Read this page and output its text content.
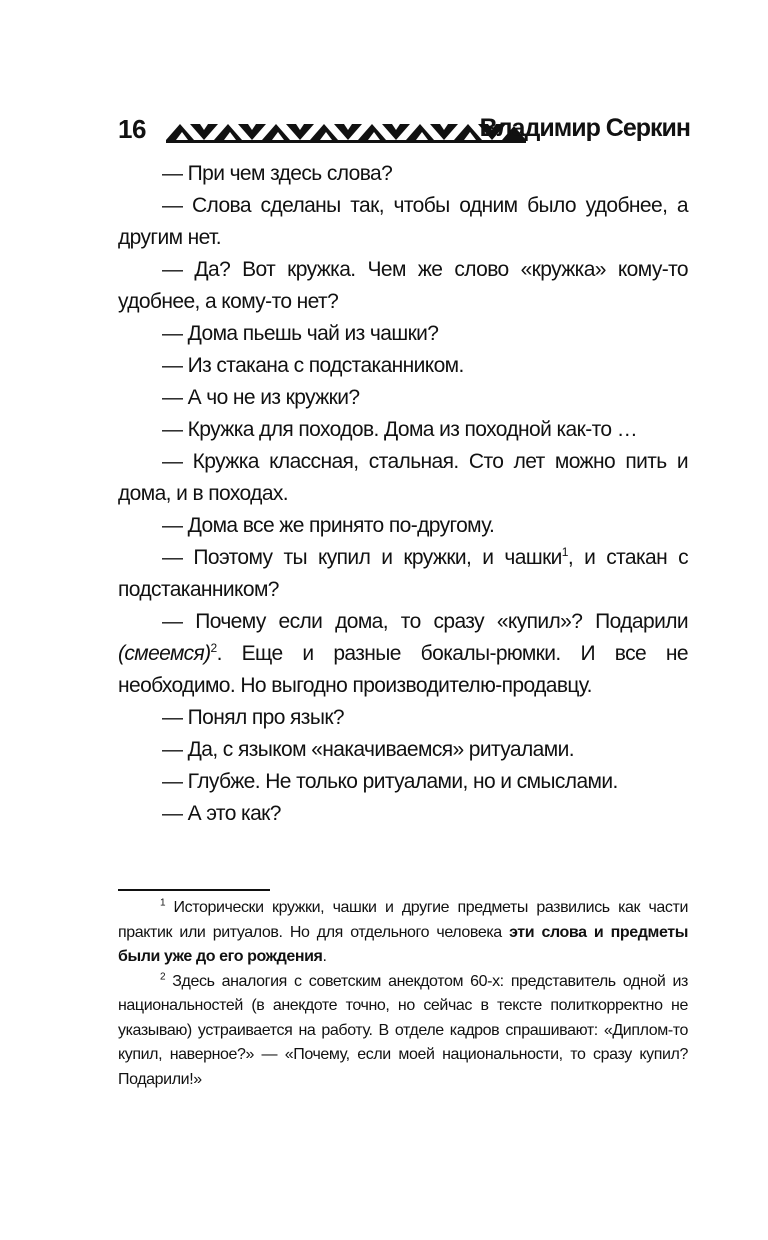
16	Владимир Серкин

— При чем здесь слова?

— Слова сделаны так, чтобы одним было удобнее, а другим нет.

— Да? Вот кружка. Чем же слово «кружка» кому-то удобнее, а кому-то нет?

— Дома пьешь чай из чашки?

— Из стакана с подстаканником.

— А чо не из кружки?

— Кружка для походов. Дома из походной как-то …

— Кружка классная, стальная. Сто лет можно пить и дома, и в походах.

— Дома все же принято по-другому.

— Поэтому ты купил и кружки, и чашки$^1$, и стакан с подстаканником?

— Почему если дома, то сразу «купил»? Подарили (смеемся)$^2$. Еще и разные бокалы-рюмки. И все не необходимо. Но выгодно производителю-продавцу.

— Понял про язык?

— Да, с языком «накачиваемся» ритуалами.

— Глубже. Не только ритуалами, но и смыслами.

— А это как?

$^1$ Исторически кружки, чашки и другие предметы развились как части практик или ритуалов. Но для отдельного человека эти слова и предметы были уже до его рождения.

$^2$ Здесь аналогия с советским анекдотом 60-х: представитель одной из национальностей (в анекдоте точно, но сейчас в тексте политкорректно не указываю) устраивается на работу. В отделе кадров спрашивают: «Диплом-то купил, наверное?» — «Почему, если моей национальности, то сразу купил? Подарили!»
